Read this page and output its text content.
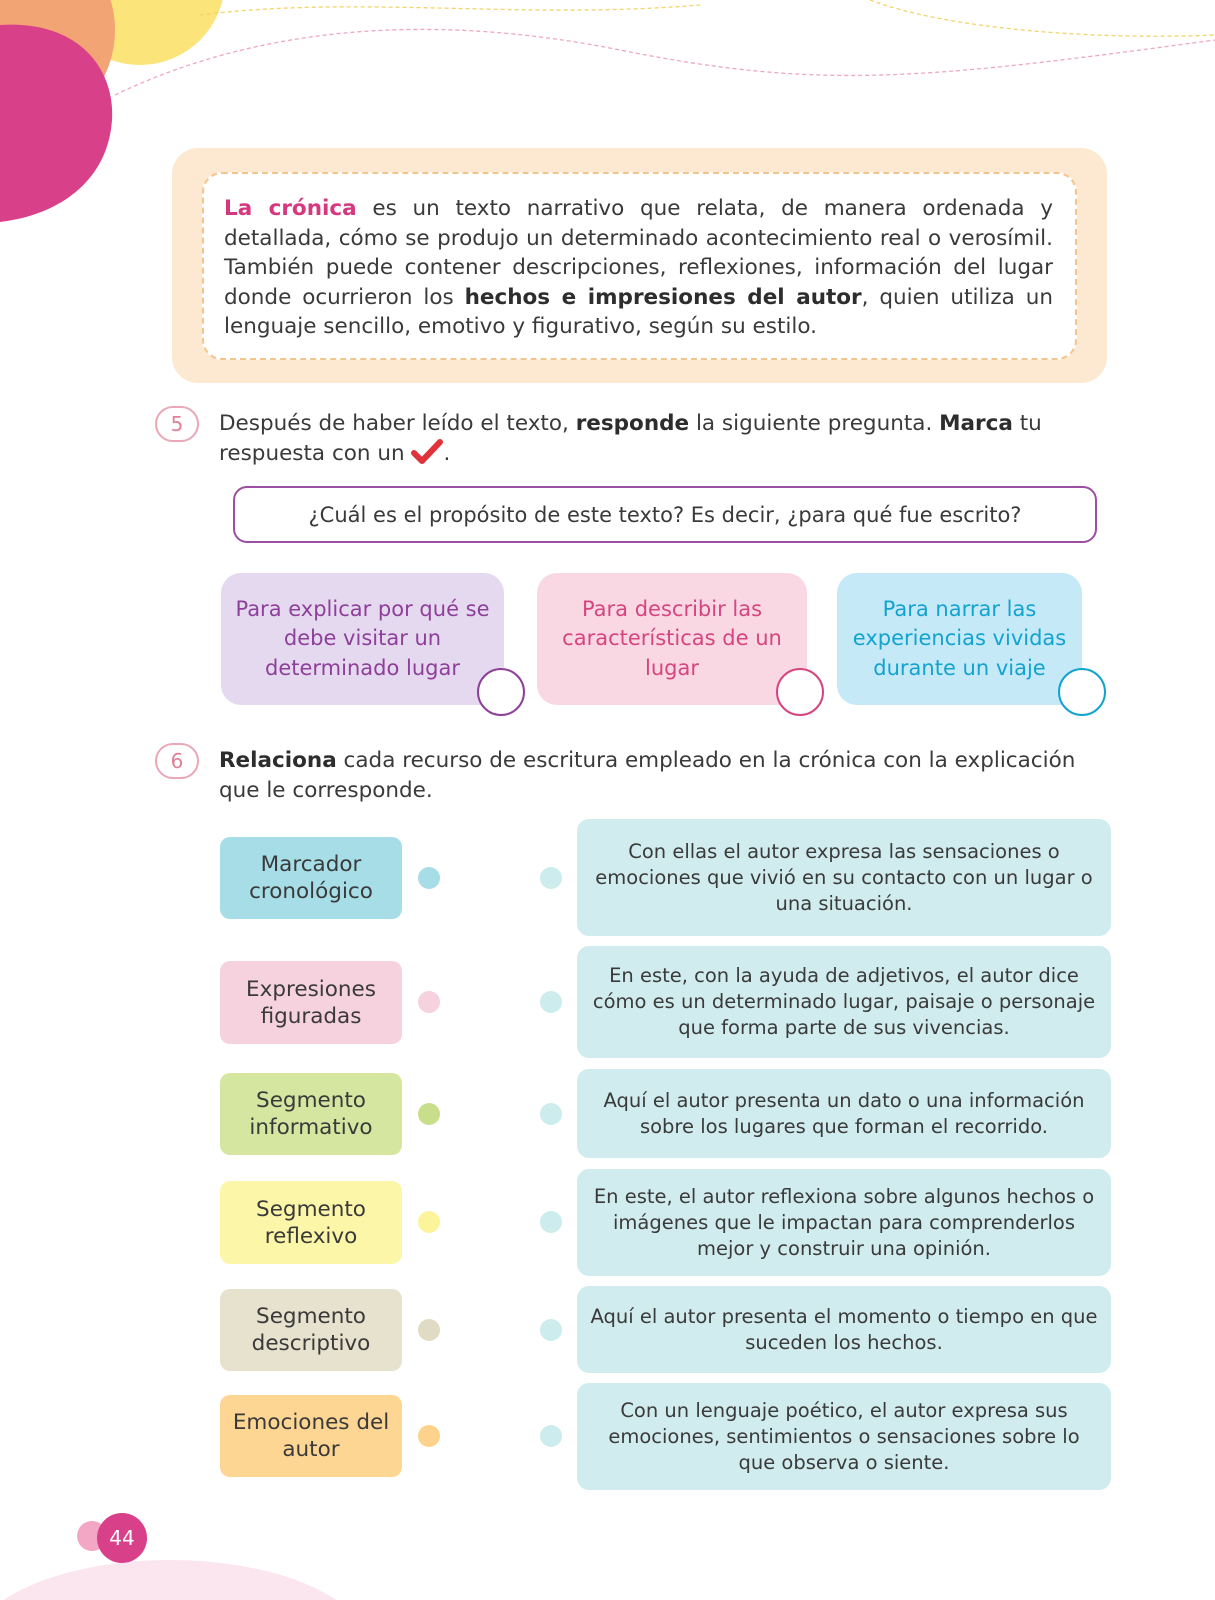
La crónica es un texto narrativo que relata, de manera ordenada y detallada, cómo se produjo un determinado acontecimiento real o verosímil. También puede contener descripciones, reflexiones, información del lugar donde ocurrieron los hechos e impresiones del autor, quien utiliza un lenguaje sencillo, emotivo y figurativo, según su estilo.
5	Después de haber leído el texto, responde la siguiente pregunta. Marca tu respuesta con un .
¿Cuál es el propósito de este texto? Es decir, ¿para qué fue escrito?
Para explicar por qué se debe visitar un determinado lugar
Para describir las características de un lugar
Para narrar las experiencias vividas durante un viaje
6	Relaciona cada recurso de escritura empleado en la crónica con la explicación que le corresponde.
Marcador cronológico
Expresiones figuradas
Segmento informativo
Segmento reflexivo
Segmento descriptivo
Emociones del autor
Con ellas el autor expresa las sensaciones o emociones que vivió en su contacto con un lugar o una situación.
En este, con la ayuda de adjetivos, el autor dice cómo es un determinado lugar, paisaje o personaje que forma parte de sus vivencias.
Aquí el autor presenta un dato o una información sobre los lugares que forman el recorrido.
En este, el autor reflexiona sobre algunos hechos o imágenes que le impactan para comprenderlos mejor y construir una opinión.
Aquí el autor presenta el momento o tiempo en que suceden los hechos.
Con un lenguaje poético, el autor expresa sus emociones, sentimientos o sensaciones sobre lo que observa o siente.
44
